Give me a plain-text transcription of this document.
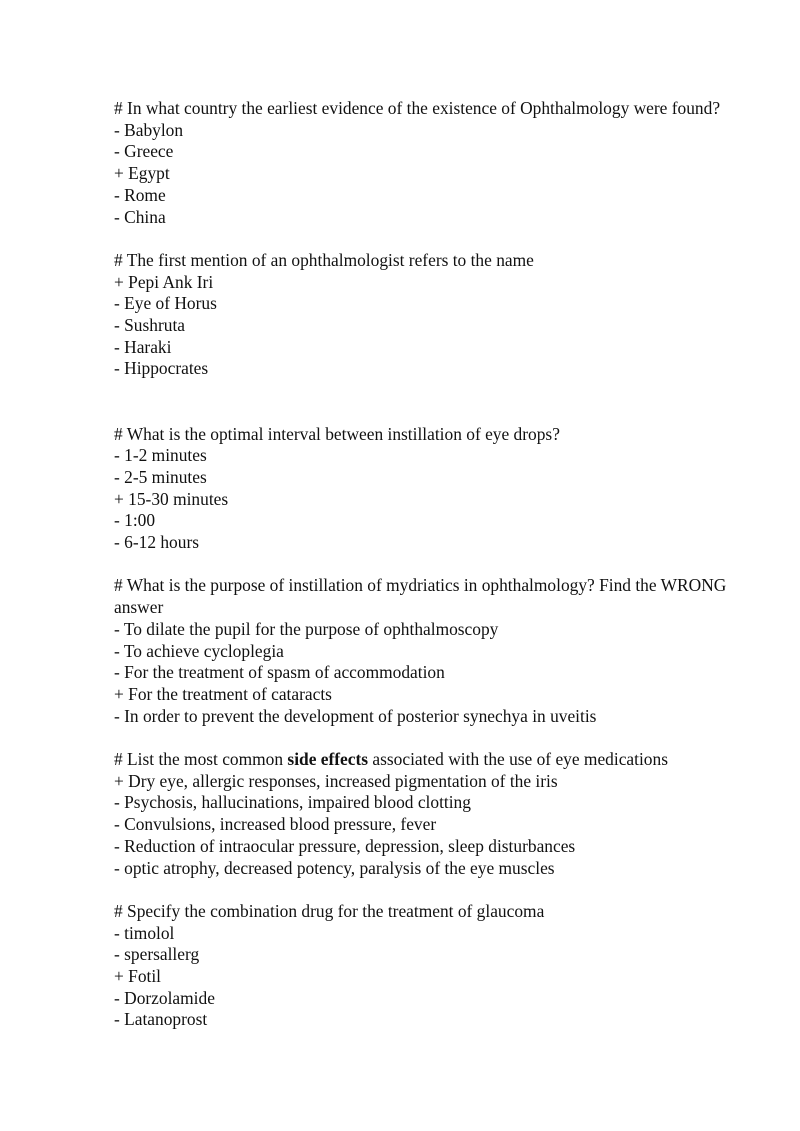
# In what country the earliest evidence of the existence of Ophthalmology were found?
- Babylon
- Greece
+ Egypt
- Rome
- China
# The first mention of an ophthalmologist refers to the name
+ Pepi Ank Iri
- Eye of Horus
- Sushruta
- Haraki
- Hippocrates
# What is the optimal interval between instillation of eye drops?
- 1-2 minutes
- 2-5 minutes
+ 15-30 minutes
- 1:00
- 6-12 hours
# What is the purpose of instillation of mydriatics in ophthalmology? Find the WRONG answer
- To dilate the pupil for the purpose of ophthalmoscopy
- To achieve cycloplegia
- For the treatment of spasm of accommodation
+ For the treatment of cataracts
- In order to prevent the development of posterior synechya in uveitis
# List the most common side effects associated with the use of eye medications
+ Dry eye, allergic responses, increased pigmentation of the iris
- Psychosis, hallucinations, impaired blood clotting
- Convulsions, increased blood pressure, fever
- Reduction of intraocular pressure, depression, sleep disturbances
- optic atrophy, decreased potency, paralysis of the eye muscles
# Specify the combination drug for the treatment of glaucoma
- timolol
- spersallerg
+ Fotil
- Dorzolamide
- Latanoprost
